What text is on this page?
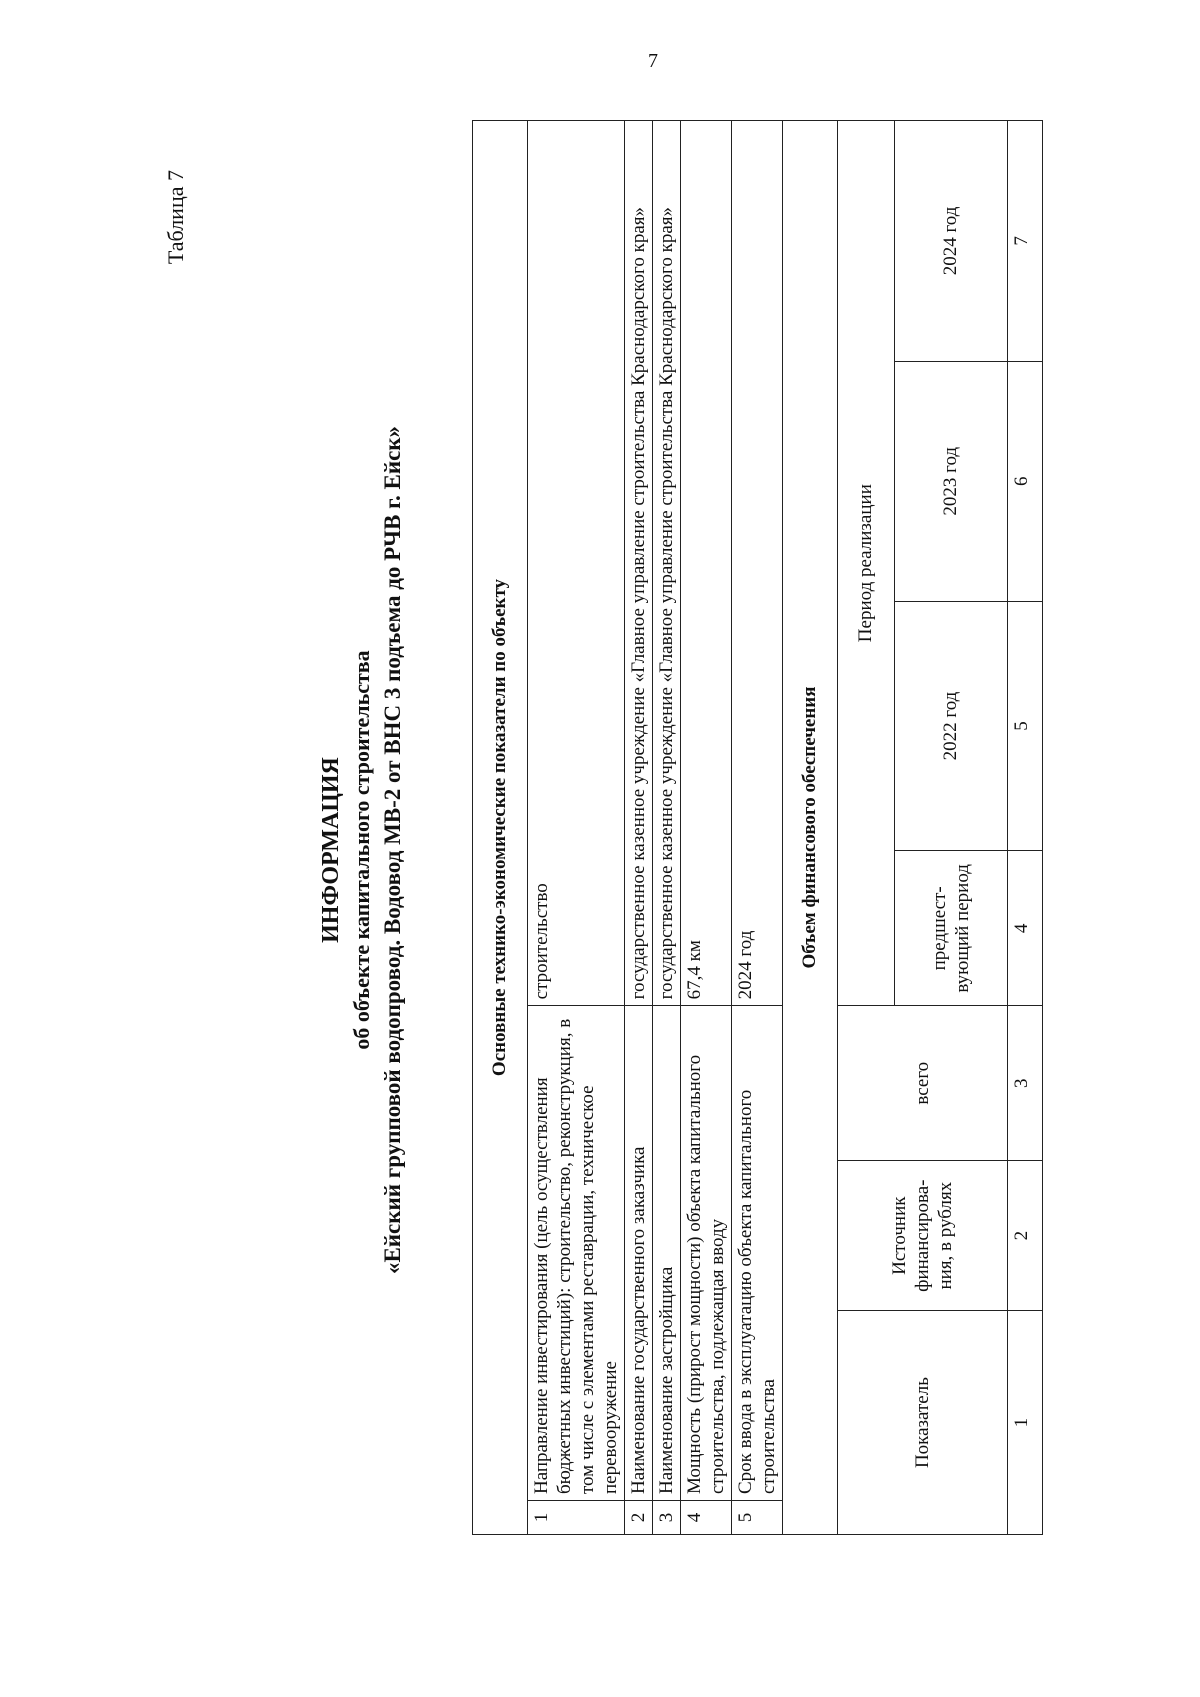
7
Таблица 7
ИНФОРМАЦИЯ об объекте капитального строительства «Ейский групповой водопровод. Водовод МВ-2 от ВНС 3 подъема до РЧВ г. Ейск»	Основные технико-экономические показатели по объекту							
1	Направление инвестирования (цель осуществления бюджетных инвестиций): строительство, реконструкция, в том числе с элементами реставрации, техническое перевооружение			строительство			
2	Наименование государственного заказчика			государственное казенное учреждение «Главное управление строительства Краснодарского края»			
3	Наименование застройщика			государственное казенное учреждение «Главное управление строительства Краснодарского края»			
4	Мощность (прирост мощности) объекта капитального строительства, подлежащая вводу			67,4 км			
5	Срок ввода в эксплуатацию объекта капитального строительства			2024 год			
Объем финансового обеспечения							
Показатель		Источник финансирова-ния, в рублях	всего	Период реализации			
				предшест-вующий период	2022 год	2023 год	2024 год
1		2	3	4	5	6	7
